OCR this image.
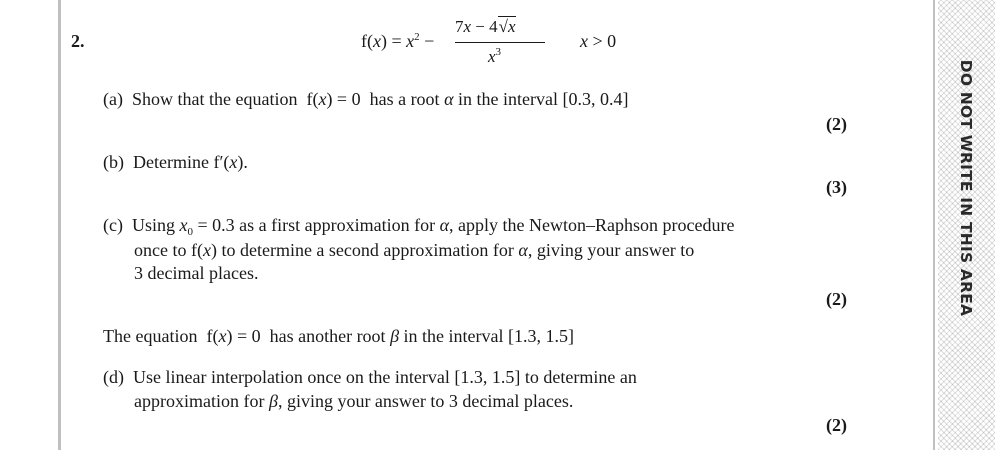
DO NOT WRITE IN THIS AREA
2.	$f(x) = x^2$ −
7x − 4√x
$x^3$
x > 0
(a)  Show that the equation  f(x) = 0  has a root α in the interval [0.3, 0.4]
(2)
(b)  Determine f′(x).
(3)
(c)  Using $x_0 = 0.3$ as a first approximation for α, apply the Newton–Raphson procedure
once to f(x) to determine a second approximation for α, giving your answer to
3 decimal places.
(2)
The equation  f(x) = 0  has another root β in the interval [1.3, 1.5]
(d)  Use linear interpolation once on the interval [1.3, 1.5] to determine an
approximation for β, giving your answer to 3 decimal places.
(2)
